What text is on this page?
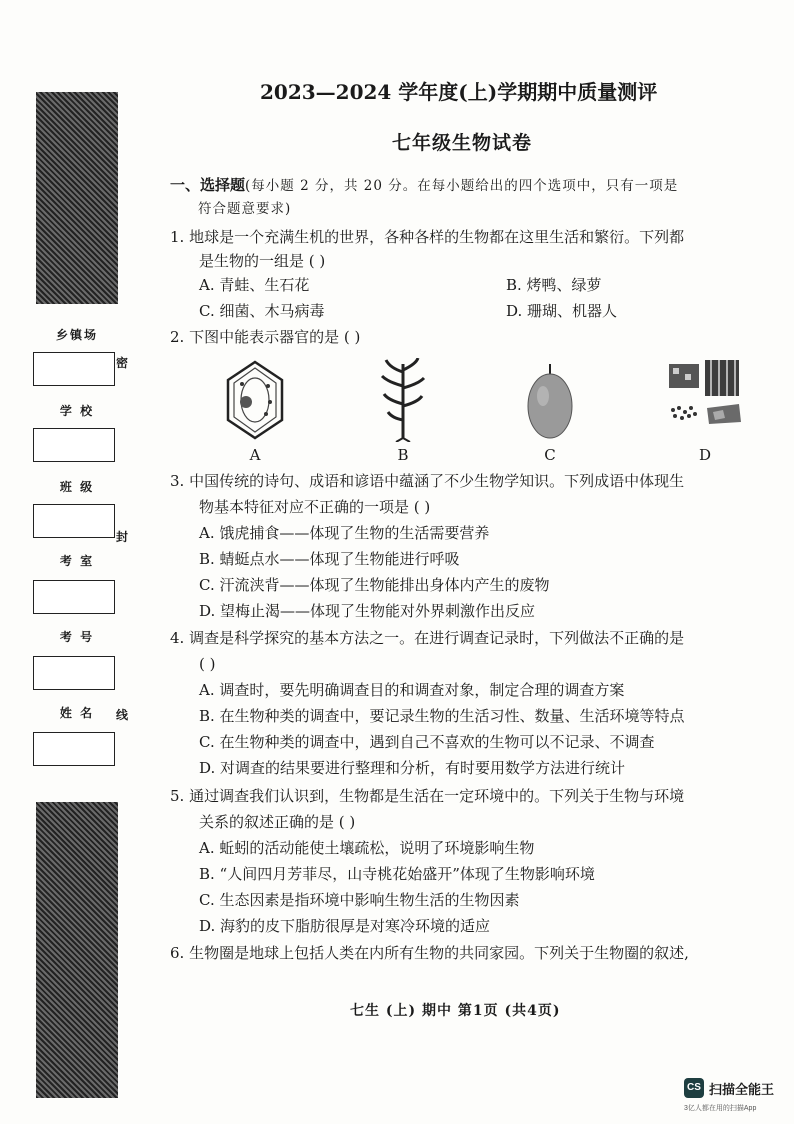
乡镇场
学 校
班 级
考 室
考 号
姓 名
密
封
线
2023—2024 学年度(上)学期期中质量测评
七年级生物试卷
一、选择题(每小题 2 分，共 20 分。在每小题给出的四个选项中，只有一项是
符合题意要求)
1. 地球是一个充满生机的世界，各种各样的生物都在这里生活和繁衍。下列都
是生物的一组是 ( )
A. 青蛙、生石花	B. 烤鸭、绿萝
C. 细菌、木马病毒	D. 珊瑚、机器人
2. 下图中能表示器官的是 ( )
A	B	C	D
3. 中国传统的诗句、成语和谚语中蕴涵了不少生物学知识。下列成语中体现生
物基本特征对应不正确的一项是 ( )
A. 饿虎捕食——体现了生物的生活需要营养
B. 蜻蜓点水——体现了生物能进行呼吸
C. 汗流浃背——体现了生物能排出身体内产生的废物
D. 望梅止渴——体现了生物能对外界刺激作出反应
4. 调查是科学探究的基本方法之一。在进行调查记录时，下列做法不正确的是
( )
A. 调查时，要先明确调查目的和调查对象，制定合理的调查方案
B. 在生物种类的调查中，要记录生物的生活习性、数量、生活环境等特点
C. 在生物种类的调查中，遇到自己不喜欢的生物可以不记录、不调查
D. 对调查的结果要进行整理和分析，有时要用数学方法进行统计
5. 通过调查我们认识到，生物都是生活在一定环境中的。下列关于生物与环境
关系的叙述正确的是 ( )
A. 蚯蚓的活动能使土壤疏松，说明了环境影响生物
B. “人间四月芳菲尽，山寺桃花始盛开”体现了生物影响环境
C. 生态因素是指环境中影响生物生活的生物因素
D. 海豹的皮下脂肪很厚是对寒冷环境的适应
6. 生物圈是地球上包括人类在内所有生物的共同家园。下列关于生物圈的叙述,
七生 (上) 期中 第1页 (共4页)
CS 扫描全能王
3亿人都在用的扫描App
